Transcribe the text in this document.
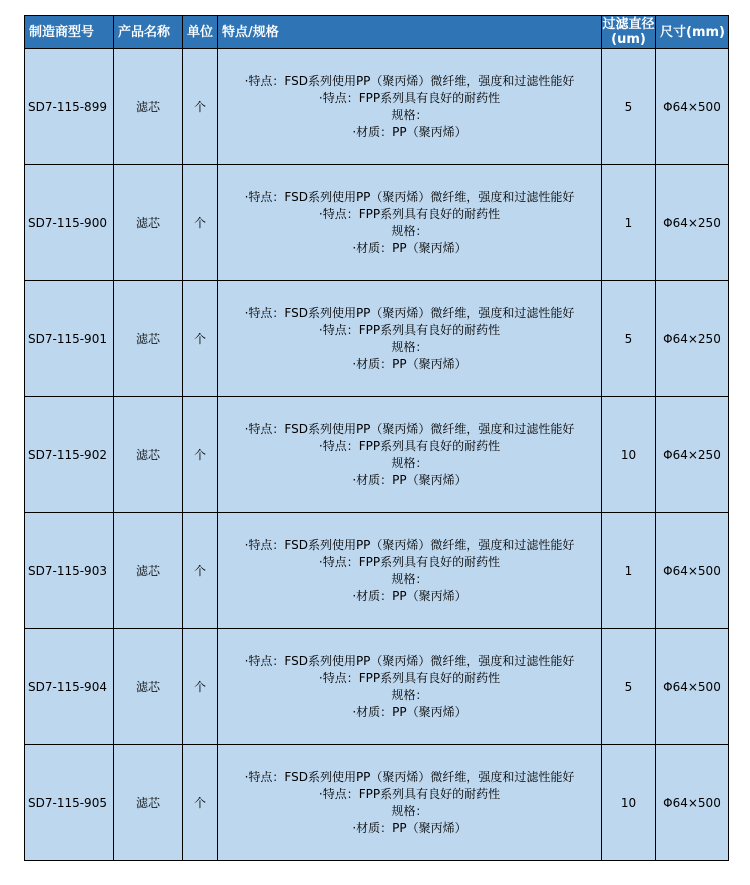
制造商型号	产品名称	单位	特点/规格	过滤直径(um)	尺寸(mm)
SD7-115-899	滤芯	个	·特点：FSD系列使用PP（聚丙烯）微纤维，强度和过滤性能好
·特点：FPP系列具有良好的耐药性
规格：
·材质：PP（聚丙烯）	5	Φ64×500
SD7-115-900	滤芯	个	·特点：FSD系列使用PP（聚丙烯）微纤维，强度和过滤性能好
·特点：FPP系列具有良好的耐药性
规格：
·材质：PP（聚丙烯）	1	Φ64×250
SD7-115-901	滤芯	个	·特点：FSD系列使用PP（聚丙烯）微纤维，强度和过滤性能好
·特点：FPP系列具有良好的耐药性
规格：
·材质：PP（聚丙烯）	5	Φ64×250
SD7-115-902	滤芯	个	·特点：FSD系列使用PP（聚丙烯）微纤维，强度和过滤性能好
·特点：FPP系列具有良好的耐药性
规格：
·材质：PP（聚丙烯）	10	Φ64×250
SD7-115-903	滤芯	个	·特点：FSD系列使用PP（聚丙烯）微纤维，强度和过滤性能好
·特点：FPP系列具有良好的耐药性
规格：
·材质：PP（聚丙烯）	1	Φ64×500
SD7-115-904	滤芯	个	·特点：FSD系列使用PP（聚丙烯）微纤维，强度和过滤性能好
·特点：FPP系列具有良好的耐药性
规格：
·材质：PP（聚丙烯）	5	Φ64×500
SD7-115-905	滤芯	个	·特点：FSD系列使用PP（聚丙烯）微纤维，强度和过滤性能好
·特点：FPP系列具有良好的耐药性
规格：
·材质：PP（聚丙烯）	10	Φ64×500
